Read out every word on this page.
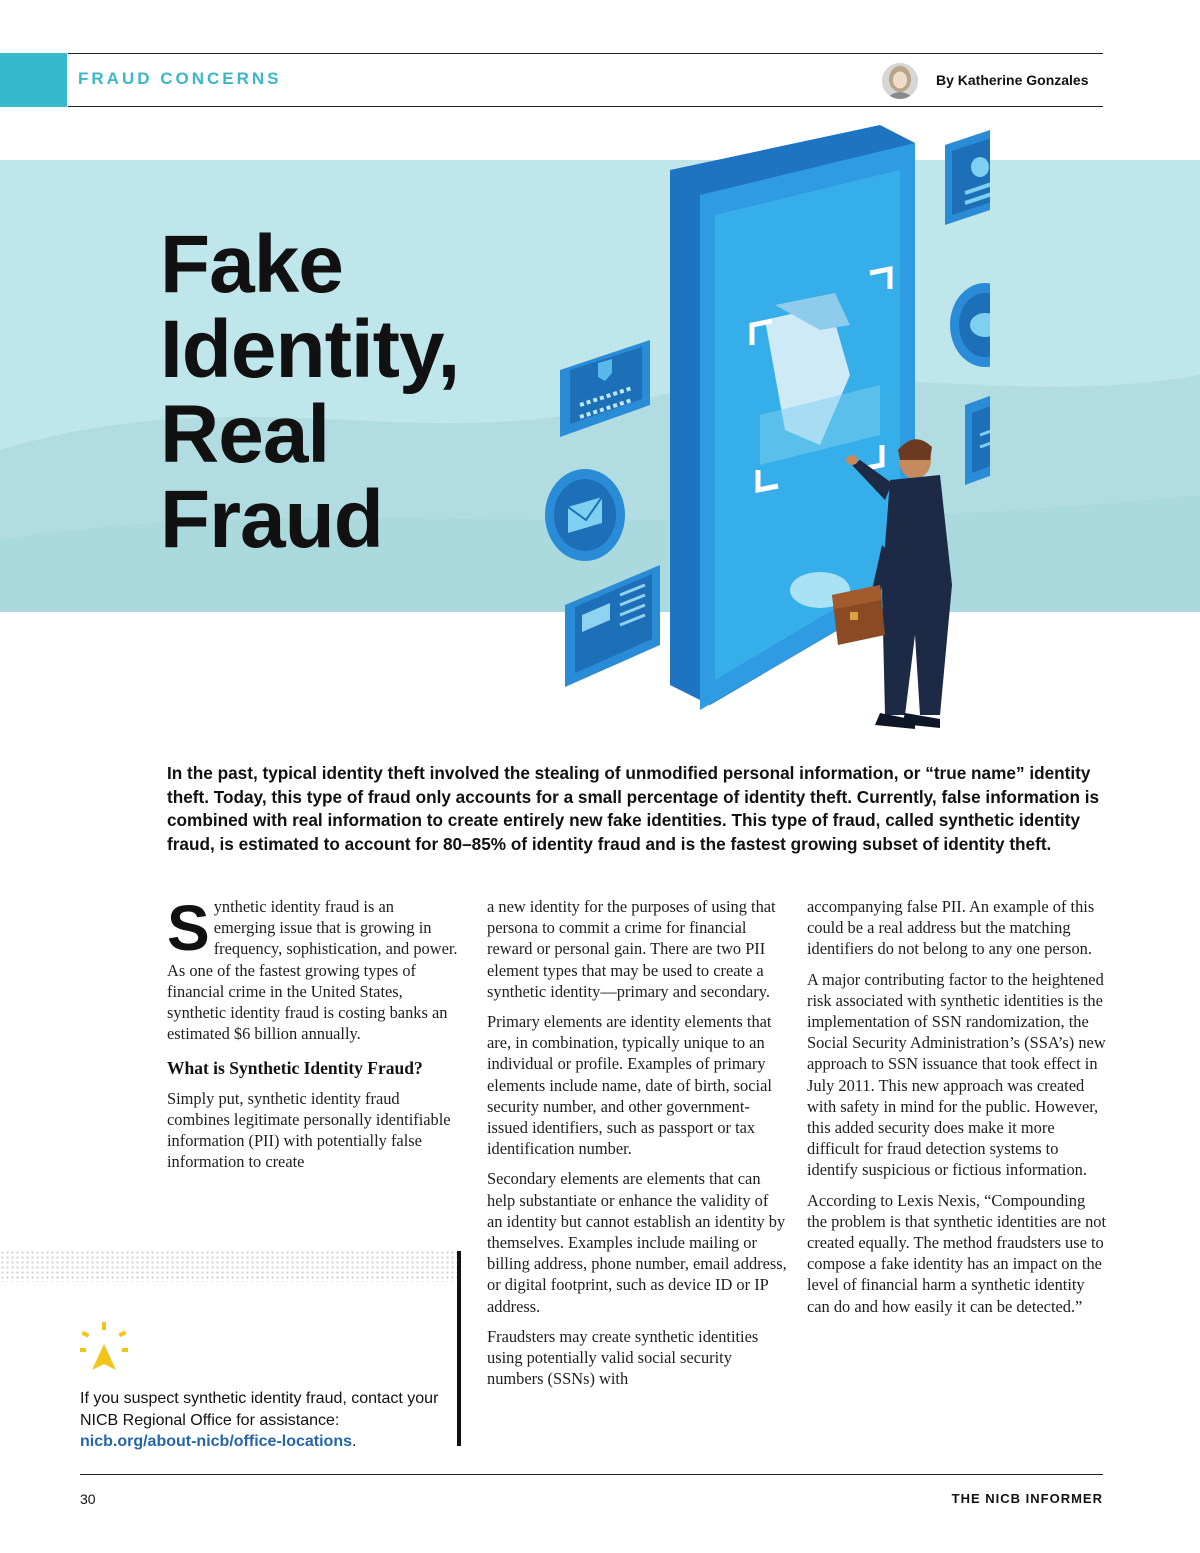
FRAUD CONCERNS	By Katherine Gonzales
Fake
Identity,
Real
Fraud
In the past, typical identity theft involved the stealing of unmodified personal information, or “true name” identity theft. Today, this type of fraud only accounts for a small percentage of identity theft. Currently, false information is combined with real information to create entirely new fake identities. This type of fraud, called synthetic identity fraud, is estimated to account for 80–85% of identity fraud and is the fastest growing subset of identity theft.

Synthetic identity fraud is an emerging issue that is growing in frequency, sophistication, and power. As one of the fastest growing types of financial crime in the United States, synthetic identity fraud is costing banks an estimated $6 billion annually.

What is Synthetic Identity Fraud?

Simply put, synthetic identity fraud combines legitimate personally identifiable information (PII) with potentially false information to create

a new identity for the purposes of using that persona to commit a crime for financial reward or personal gain. There are two PII element types that may be used to create a synthetic identity—primary and secondary.

Primary elements are identity elements that are, in combination, typically unique to an individual or profile. Examples of primary elements include name, date of birth, social security number, and other government-issued identifiers, such as passport or tax identification number.

Secondary elements are elements that can help substantiate or enhance the validity of an identity but cannot establish an identity by themselves. Examples include mailing or billing address, phone number, email address, or digital footprint, such as device ID or IP address.

Fraudsters may create synthetic identities using potentially valid social security numbers (SSNs) with

accompanying false PII. An example of this could be a real address but the matching identifiers do not belong to any one person.

A major contributing factor to the heightened risk associated with synthetic identities is the implementation of SSN randomization, the Social Security Administration’s (SSA’s) new approach to SSN issuance that took effect in July 2011. This new approach was created with safety in mind for the public. However, this added security does make it more difficult for fraud detection systems to identify suspicious or fictious information.

According to Lexis Nexis, “Compounding the problem is that synthetic identities are not created equally. The method fraudsters use to compose a fake identity has an impact on the level of financial harm a synthetic identity can do and how easily it can be detected.”

If you suspect synthetic identity fraud, contact your NICB Regional Office for assistance: nicb.org/about-nicb/office-locations.
30	THE NICB INFORMER
